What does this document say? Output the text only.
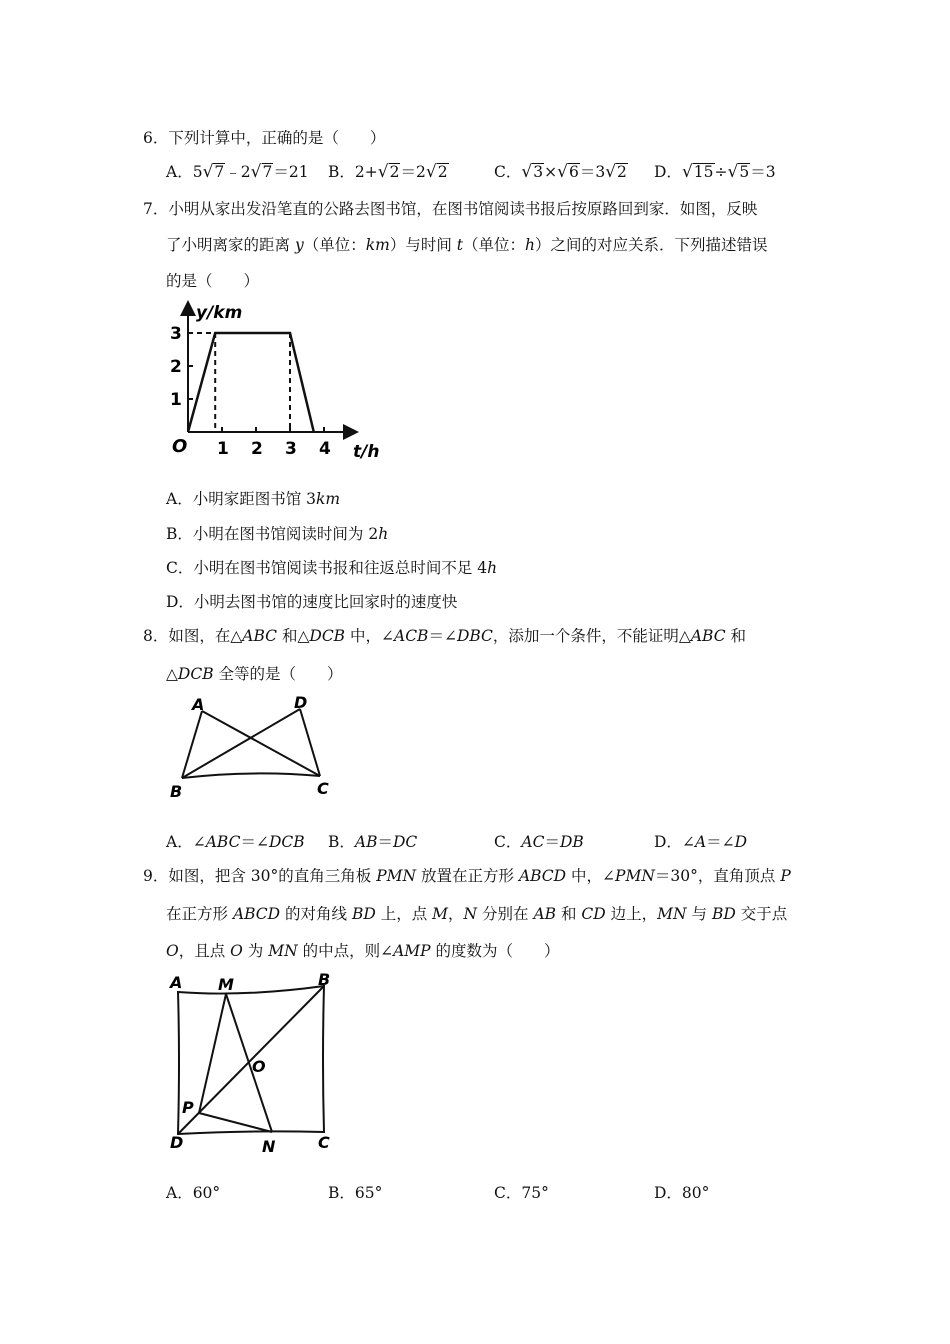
6．下列计算中，正确的是（　　）
A．5√7﹣2√7＝21 B．2+√2＝2√2	C．√3×√6＝3√2 D．√15÷√5＝3
7．小明从家出发沿笔直的公路去图书馆，在图书馆阅读书报后按原路回到家．如图，反映
了小明离家的距离 y（单位：km）与时间 t（单位：h）之间的对应关系．下列描述错误
的是（　　）
1 2 3 4
1
2
3
y/km
t/h
O
A．小明家距图书馆 3km
B．小明在图书馆阅读时间为 2h
C．小明在图书馆阅读书报和往返总时间不足 4h
D．小明去图书馆的速度比回家时的速度快
8．如图，在△ABC 和△DCB 中，∠ACB＝∠DBC，添加一个条件，不能证明△ABC 和
△DCB 全等的是（　　）
A	D
B	C
A．∠ABC＝∠DCB B．AB＝DC	C．AC＝DB	D．∠A＝∠D
9．如图，把含 30°的直角三角板 PMN 放置在正方形 ABCD 中，∠PMN＝30°，直角顶点 P
在正方形 ABCD 的对角线 BD 上，点 M，N 分别在 AB 和 CD 边上，MN 与 BD 交于点
O，且点 O 为 MN 的中点，则∠AMP 的度数为（　　）
A M	B
O
P
D	N	C
A．60°	B．65°	C．75°	D．80°
